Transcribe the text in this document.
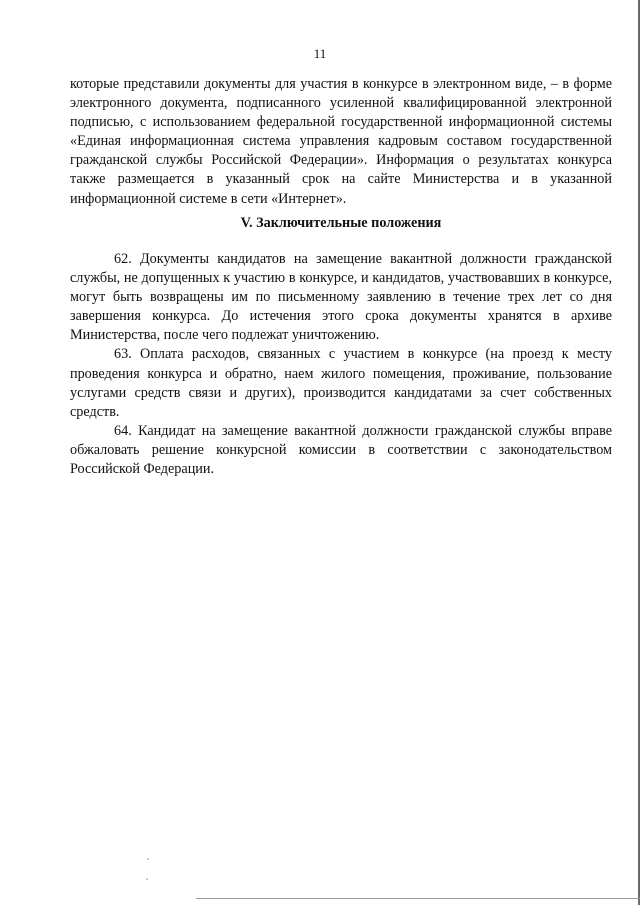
11

которые представили документы для участия в конкурсе в электронном виде, – в форме электронного документа, подписанного усиленной квалифицированной электронной подписью, с использованием федеральной государственной информационной системы «Единая информационная система управления кадровым составом государственной гражданской службы Российской Федерации». Информация о результатах конкурса также размещается в указанный срок на сайте Министерства и в указанной информационной системе в сети «Интернет».

V. Заключительные положения

62. Документы кандидатов на замещение вакантной должности гражданской службы, не допущенных к участию в конкурсе, и кандидатов, участвовавших в конкурсе, могут быть возвращены им по письменному заявлению в течение трех лет со дня завершения конкурса. До истечения этого срока документы хранятся в архиве Министерства, после чего подлежат уничтожению.

63. Оплата расходов, связанных с участием в конкурсе (на проезд к месту проведения конкурса и обратно, наем жилого помещения, проживание, пользование услугами средств связи и других), производится кандидатами за счет собственных средств.

64. Кандидат на замещение вакантной должности гражданской службы вправе обжаловать решение конкурсной комиссии в соответствии с законодательством Российской Федерации.
